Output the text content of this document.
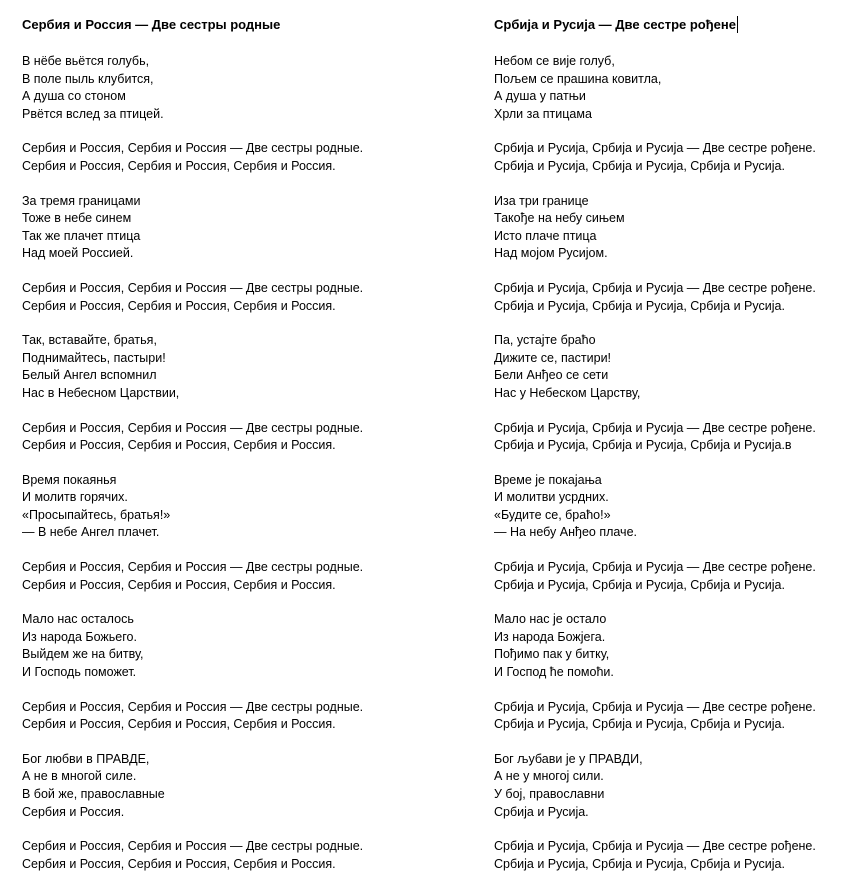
Сербия и Россия — Две сестры родные
В нёбе вьётся голубь,
В поле пыль клубится,
А душа со стоном
Рвётся вслед за птицей.
Сербия и Россия, Сербия и Россия — Две сестры родные.
Сербия и Россия, Сербия и Россия, Сербия и Россия.
За тремя границами
Тоже в небе синем
Так же плачет птица
Над моей Россией.
Сербия и Россия, Сербия и Россия — Две сестры родные.
Сербия и Россия, Сербия и Россия, Сербия и Россия.
Так, вставайте, братья,
Поднимайтесь, пастыри!
Белый Ангел вспомнил
Нас в Небесном Царствии,
Сербия и Россия, Сербия и Россия — Две сестры родные.
Сербия и Россия, Сербия и Россия, Сербия и Россия.
Время покаянья
И молитв горячих.
«Просыпайтесь, братья!»
— В небе Ангел плачет.
Сербия и Россия, Сербия и Россия — Две сестры родные.
Сербия и Россия, Сербия и Россия, Сербия и Россия.
Мало нас осталось
Из народа Божьего.
Выйдем же на битву,
И Господь поможет.
Сербия и Россия, Сербия и Россия — Две сестры родные.
Сербия и Россия, Сербия и Россия, Сербия и Россия.
Бог любви в ПРАВДЕ,
А не в многой силе.
В бой же, православные
Сербия и Россия.
Сербия и Россия, Сербия и Россия — Две сестры родные.
Сербия и Россия, Сербия и Россия, Сербия и Россия.
Србија и Русија — Две сестре рођене
Небом се вије голуб,
Пољем се прашина ковитла,
А душа у патњи
Хрли за птицама
Србија и Русија, Србија и Русија — Две сестре рођене.
Србија и Русија, Србија и Русија, Србија и Русија.
Иза три границе
Такође на небу сињем
Исто плаче птица
Над мојом Русијом.
Србија и Русија, Србија и Русија — Две сестре рођене.
Србија и Русија, Србија и Русија, Србија и Русија.
Па, устајте браћо
Дижите се, пастири!
Бели Анђео се сети
Нас у Небеском Царству,
Србија и Русија, Србија и Русија — Две сестре рођене.
Србија и Русија, Србија и Русија, Србија и Русија.в
Време је покајања
И молитви усрдних.
«Будите се, браћо!»
— На небу Анђео плаче.
Србија и Русија, Србија и Русија — Две сестре рођене.
Србија и Русија, Србија и Русија, Србија и Русија.
Мало нас је остало
Из народа Божјега.
Пођимо пак у битку,
И Господ ће помоћи.
Србија и Русија, Србија и Русија — Две сестре рођене.
Србија и Русија, Србија и Русија, Србија и Русија.
Бог љубави је у ПРАВДИ,
А не у многој сили.
У бој, православни
Србија и Русија.
Србија и Русија, Србија и Русија — Две сестре рођене.
Србија и Русија, Србија и Русија, Србија и Русија.
